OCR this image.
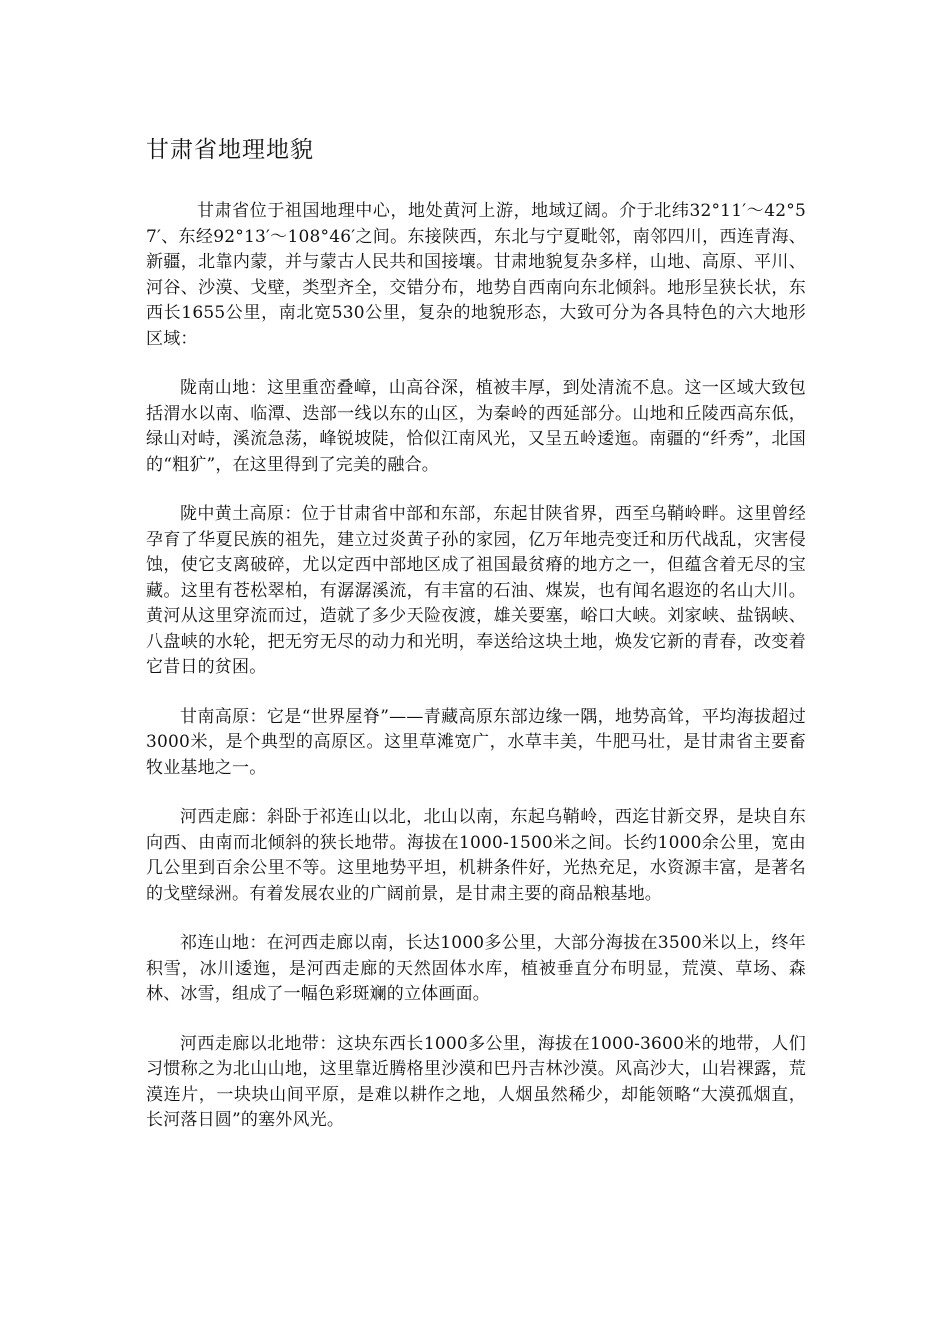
甘肃省地理地貌

甘肃省位于祖国地理中心，地处黄河上游，地域辽阔。介于北纬32°11′～42°57′、东经92°13′～108°46′之间。东接陕西，东北与宁夏毗邻，南邻四川，西连青海、新疆，北靠内蒙，并与蒙古人民共和国接壤。甘肃地貌复杂多样，山地、高原、平川、河谷、沙漠、戈壁，类型齐全，交错分布，地势自西南向东北倾斜。地形呈狭长状，东西长1655公里，南北宽530公里，复杂的地貌形态，大致可分为各具特色的六大地形区域：

陇南山地：这里重峦叠嶂，山高谷深，植被丰厚，到处清流不息。这一区域大致包括渭水以南、临潭、迭部一线以东的山区，为秦岭的西延部分。山地和丘陵西高东低，绿山对峙，溪流急荡，峰锐坡陡，恰似江南风光，又呈五岭逶迤。南疆的“纤秀”，北国的“粗犷”，在这里得到了完美的融合。

陇中黄土高原：位于甘肃省中部和东部，东起甘陕省界，西至乌鞘岭畔。这里曾经孕育了华夏民族的祖先，建立过炎黄子孙的家园，亿万年地壳变迁和历代战乱，灾害侵蚀，使它支离破碎，尤以定西中部地区成了祖国最贫瘠的地方之一，但蕴含着无尽的宝藏。这里有苍松翠柏，有潺潺溪流，有丰富的石油、煤炭，也有闻名遐迩的名山大川。黄河从这里穿流而过，造就了多少天险夜渡，雄关要塞，峪口大峡。刘家峡、盐锅峡、八盘峡的水轮，把无穷无尽的动力和光明，奉送给这块土地，焕发它新的青春，改变着它昔日的贫困。

甘南高原：它是“世界屋脊”——青藏高原东部边缘一隅，地势高耸，平均海拔超过3000米，是个典型的高原区。这里草滩宽广，水草丰美，牛肥马壮，是甘肃省主要畜牧业基地之一。

河西走廊：斜卧于祁连山以北，北山以南，东起乌鞘岭，西迄甘新交界，是块自东向西、由南而北倾斜的狭长地带。海拔在1000-1500米之间。长约1000余公里，宽由几公里到百余公里不等。这里地势平坦，机耕条件好，光热充足，水资源丰富，是著名的戈壁绿洲。有着发展农业的广阔前景，是甘肃主要的商品粮基地。

祁连山地：在河西走廊以南，长达1000多公里，大部分海拔在3500米以上，终年积雪，冰川逶迤，是河西走廊的天然固体水库，植被垂直分布明显，荒漠、草场、森林、冰雪，组成了一幅色彩斑斓的立体画面。

河西走廊以北地带：这块东西长1000多公里，海拔在1000-3600米的地带，人们习惯称之为北山山地，这里靠近腾格里沙漠和巴丹吉林沙漠。风高沙大，山岩裸露，荒漠连片，一块块山间平原，是难以耕作之地，人烟虽然稀少，却能领略“大漠孤烟直，长河落日圆”的塞外风光。
